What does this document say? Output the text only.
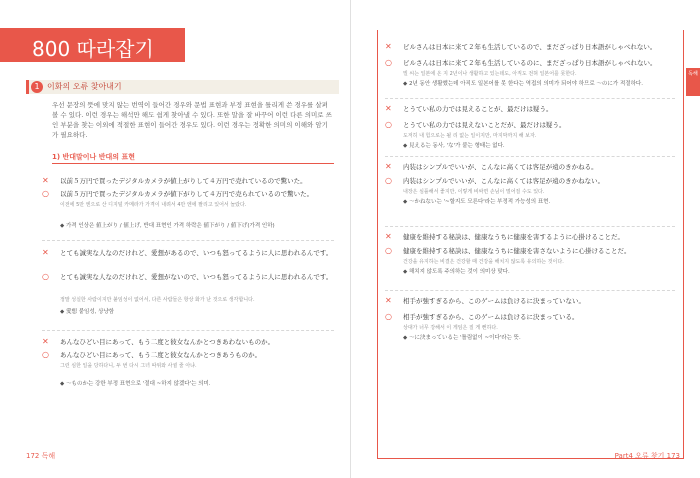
800 따라잡기
1 $^{이화의 오류 찾아내기}$
우선 문장의 뜻에 맞지 않는 번역이 들어간 경우와 문법 표현과 부정 표현을 틀리게 쓴 경우를 살펴볼 수 있다. 이런 경우는 해석만 해도 쉽게 찾아낼 수 있다. 또한 말을 잘 바꾸어 이런 다른 의미로 쓰인 부분을 찾는 이외에 적절한 표현이 들어간 경우도 있다. 이런 경우는 정확한 의미의 이해와 암기가 필요하다.
1) 반대말이나 반대의 표현
✕ 以前５万円で買ったデジタルカメラが値上がりして４万円で売れているので驚いた。
○ 以前５万円で買ったデジタルカメラが値下がりして４万円で売られているので驚いた。
이전에 5만 엔으로 산 디지털 카메라가 가격이 내려서 4만 엔에 팔리고 있어서 놀랐다.
◆ 가격 인상은 値上がり / 値上げ, 반대 표현인 가격 하락은 値下がり / 値下げ(가격 인하)
✕ とても誠実な人なのだけれど、愛想があるので、いつも怒ってるように人に思われるんです。
○ とても誠実な人なのだけれど、愛想がないので、いつも怒ってるように人に思われるんです。
정말 성실한 사람이지만 붙임성이 없어서, 다른 사람들은 항상 화가 난 것으로 생각합니다.
◆ 愛想 붙임성, 상냥함
✕ あんなひどい目にあって、もう二度と彼女なんかとつきあわないものか。
○ あんなひどい目にあって、もう二度と彼女なんかとつきあうものか。
그런 심한 일을 당하다니, 두 번 다시 그녀 따위와 사귈 줄 아냐.
◆ ～ものか는 강한 부정 표현으로 '절대 ~하지 않겠다'는 의미.
172 독해
독해
✕ ビルさんは日本に来て２年も生活しているので、まだざっぱり日本語がしゃべれない。
○ ビルさんは日本に来て２年も生活しているのに、まだざっぱり日本語がしゃべれない。
빌 씨는 일본에 온 지 2년이나 생활하고 있는데도, 아직도 전혀 일본어를 못한다.
◆ 2년 동안 생활했는데 아직도 일본어를 못 한다는 역접의 의미가 되어야 하므로 ～のに가 적절하다.
✕ とうてい私の力では見えることが、最だけは疑う。
○ とうてい私の力では見えないことだが、最だけは疑う。
도저히 내 힘으로는 될 리 없는 일이지만, 마지막까지 해 보자.
◆ 見える는 동사, 'な'가 붙는 형태는 없다.
✕ 内装はシンプルでいいが、こんなに高くては客足が遠のきかねる。
○ 内装はシンプルでいいが、こんなに高くては客足が遠のきかねない。
내장은 심플해서 좋지만, 이렇게 비싸면 손님이 멀어질 수도 있다.
◆ ～かねない는 '~할지도 모른다'라는 부정적 가능성의 표현.
✕ 健康を維持する秘訣は、健康なうちに健康を害するように心掛けることだ。
○ 健康を維持する秘訣は、健康なうちに健康を害さないように心掛けることだ。
건강을 유지하는 비결은 건강할 때 건강을 해치지 않도록 유의하는 것이다.
◆ 해치지 않도록 주의하는 것이 의미상 맞다.
✕ 相手が強すぎるから、このゲームは負けるに決まっていない。
○ 相手が強すぎるから、このゲームは負けるに決まっている。
상대가 너무 강해서 이 게임은 질 게 뻔하다.
◆ ～に決まっている는 '틀림없이 ~이다'라는 뜻.
Part4 오류 찾기 173
